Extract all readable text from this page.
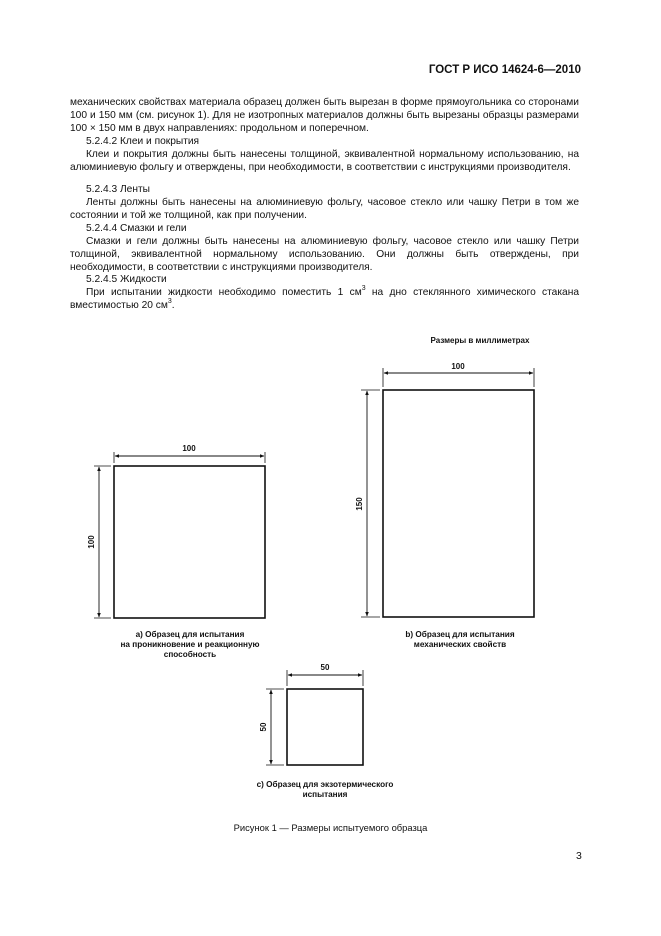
ГОСТ Р ИСО 14624-6—2010
механических свойствах материала образец должен быть вырезан в форме прямоугольника со сторонами 100 и 150 мм (см. рисунок 1). Для не изотропных материалов должны быть вырезаны образцы размерами 100 × 150 мм в двух направлениях: продольном и поперечном.
5.2.4.2 Клеи и покрытия
Клеи и покрытия должны быть нанесены толщиной, эквивалентной нормальному использованию, на алюминиевую фольгу и отверждены, при необходимости, в соответствии с инструкциями производителя.
5.2.4.3 Ленты
Ленты должны быть нанесены на алюминиевую фольгу, часовое стекло или чашку Петри в том же состоянии и той же толщиной, как при получении.
5.2.4.4 Смазки и гели
Смазки и гели должны быть нанесены на алюминиевую фольгу, часовое стекло или чашку Петри толщиной, эквивалентной нормальному использованию. Они должны быть отверждены, при необходимости, в соответствии с инструкциями производителя.
5.2.4.5 Жидкости
При испытании жидкости необходимо поместить 1 $см^3$ на дно стеклянного химического стакана вместимостью 20 $см^3$.
Размеры в миллиметрах
100
100
100
150
50
50
a) Образец для испытания
на проникновение и реакционную
способность
b) Образец для испытания
механических свойств
c) Образец для экзотермического
испытания
Рисунок 1 — Размеры испытуемого образца
3
